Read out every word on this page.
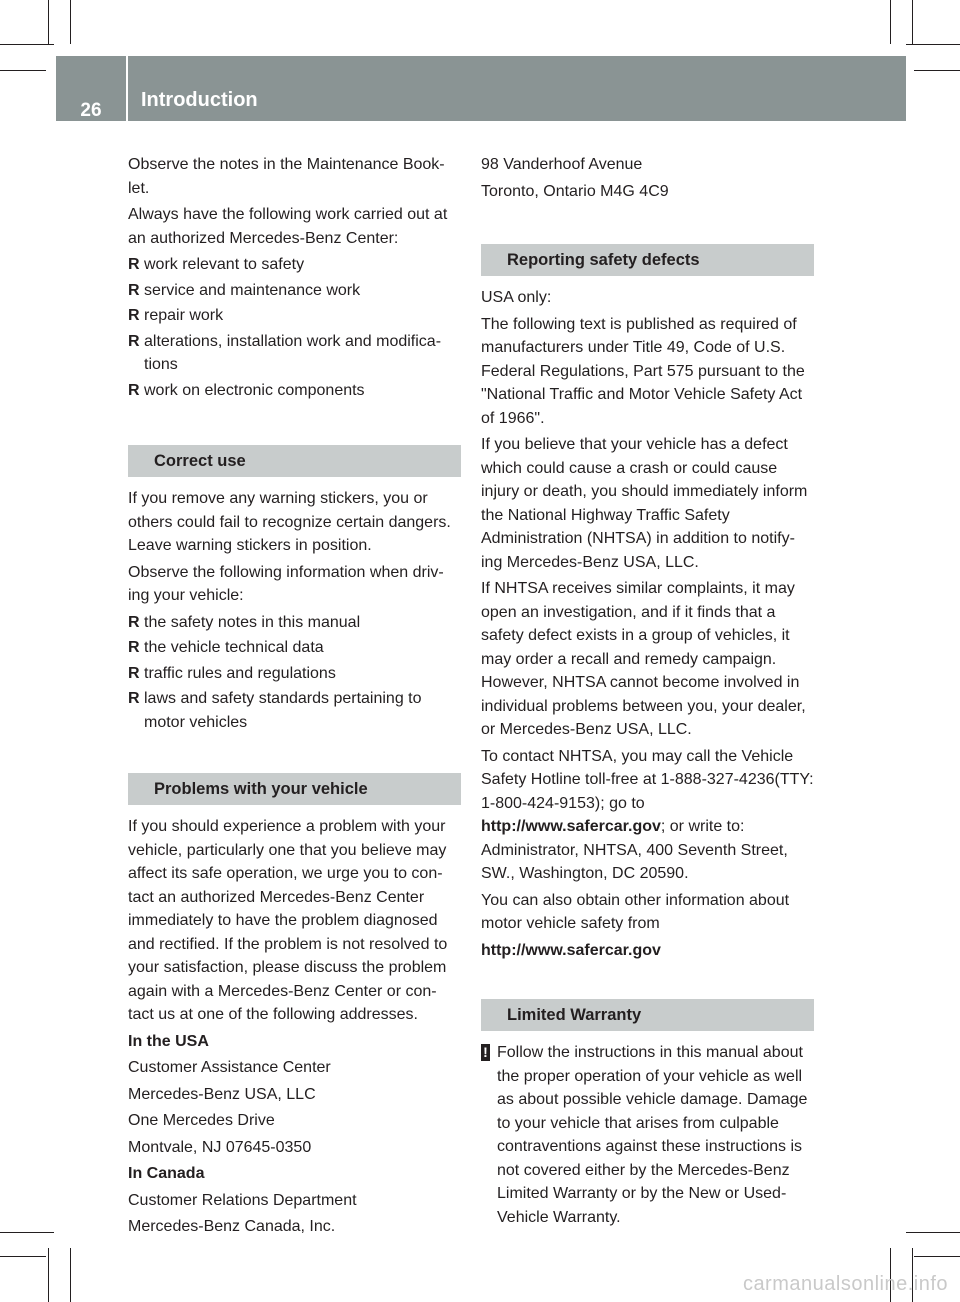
26	Introduction

Observe the notes in the Maintenance Book-let.

Always have the following work carried out at an authorized Mercedes-Benz Center:

R work relevant to safety
R service and maintenance work
R repair work
R alterations, installation work and modifica-tions
R work on electronic components
Correct use

If you remove any warning stickers, you or others could fail to recognize certain dangers. Leave warning stickers in position.

Observe the following information when driv-ing your vehicle:

R the safety notes in this manual
R the vehicle technical data
R traffic rules and regulations
R laws and safety standards pertaining to motor vehicles
Problems with your vehicle

If you should experience a problem with your vehicle, particularly one that you believe may affect its safe operation, we urge you to con-tact an authorized Mercedes-Benz Center immediately to have the problem diagnosed and rectified. If the problem is not resolved to your satisfaction, please discuss the problem again with a Mercedes-Benz Center or con-tact us at one of the following addresses.

In the USA

Customer Assistance Center

Mercedes-Benz USA, LLC

One Mercedes Drive

Montvale, NJ 07645-0350

In Canada

Customer Relations Department

Mercedes-Benz Canada, Inc.

98 Vanderhoof Avenue

Toronto, Ontario M4G 4C9

Reporting safety defects

USA only:

The following text is published as required of manufacturers under Title 49, Code of U.S. Federal Regulations, Part 575 pursuant to the "National Traffic and Motor Vehicle Safety Act of 1966".

If you believe that your vehicle has a defect which could cause a crash or could cause injury or death, you should immediately inform the National Highway Traffic Safety Administration (NHTSA) in addition to notify-ing Mercedes-Benz USA, LLC.

If NHTSA receives similar complaints, it may open an investigation, and if it finds that a safety defect exists in a group of vehicles, it may order a recall and remedy campaign. However, NHTSA cannot become involved in individual problems between you, your dealer, or Mercedes-Benz USA, LLC.

To contact NHTSA, you may call the Vehicle Safety Hotline toll-free at 1-888-327-4236(TTY: 1-800-424-9153); go to http://www.safercar.gov; or write to: Administrator, NHTSA, 400 Seventh Street, SW., Washington, DC 20590.

You can also obtain other information about motor vehicle safety from

http://www.safercar.gov

Limited Warranty
! Follow the instructions in this manual about the proper operation of your vehicle as well as about possible vehicle damage. Damage to your vehicle that arises from culpable contraventions against these instructions is not covered either by the Mercedes-Benz Limited Warranty or by the New or Used-Vehicle Warranty.
carmanualsonline.info
